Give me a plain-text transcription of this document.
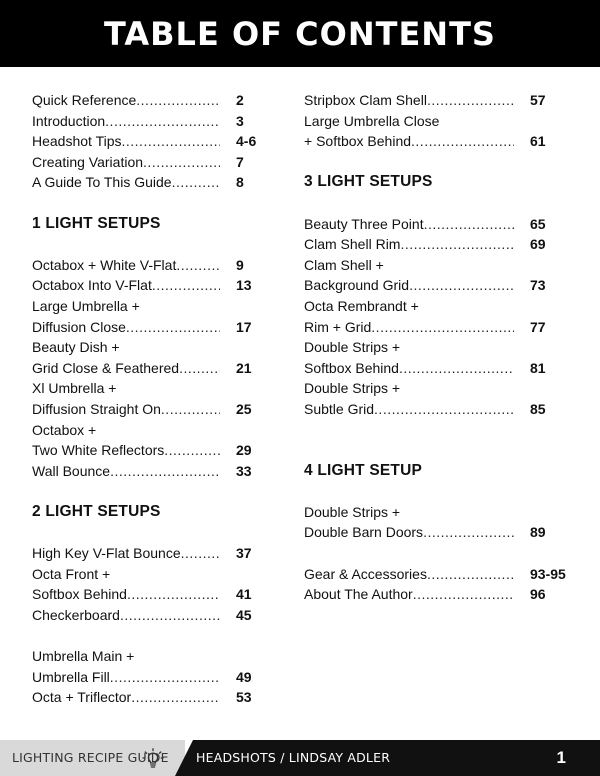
TABLE OF CONTENTS
Quick Reference .....	2
Introduction .....	3
Headshot Tips .....	4-6
Creating Variation .....	7
A Guide To This Guide .....	8
1 LIGHT SETUPS
Octabox + White V-Flat .....	9
Octabox Into V-Flat .....	13
Large Umbrella +
Diffusion Close .....	17
Beauty Dish +
Grid Close & Feathered .....	21
Xl Umbrella +
Diffusion Straight On .....	25
Octabox +
Two White Reflectors .....	29
Wall Bounce .....	33
2 LIGHT SETUPS
High Key V-Flat Bounce .....	37
Octa Front +
Softbox Behind .....	41
Checkerboard .....	45
Umbrella Main +
Umbrella Fill .....	49
Octa + Triflector .....	53
Stripbox Clam Shell .....	57
Large Umbrella Close
+ Softbox Behind .....	61
3 LIGHT SETUPS
Beauty Three Point .....	65
Clam Shell Rim .....	69
Clam Shell +
Background Grid .....	73
Octa Rembrandt +
Rim + Grid .....	77
Double Strips +
Softbox Behind .....	81
Double Strips +
Subtle Grid .....	85
4 LIGHT SETUP
Double Strips +
Double Barn Doors .....	89
Gear & Accessories .....	93-95
About The Author .....	96
LIGHTING RECIPE GUIDE HEADSHOTS / LINDSAY ADLER	1
